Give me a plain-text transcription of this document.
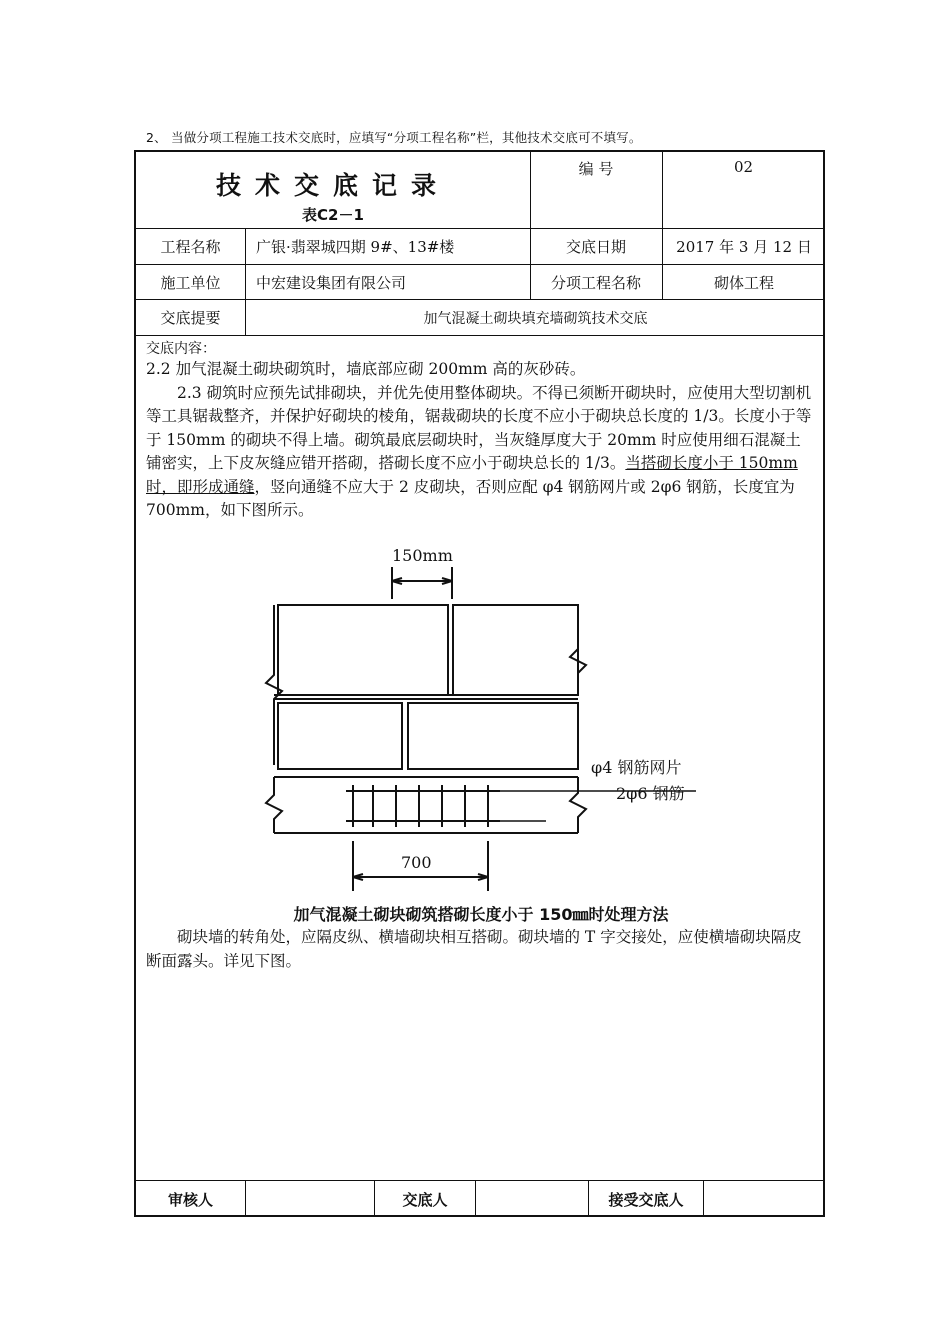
2、 当做分项工程施工技术交底时，应填写“分项工程名称”栏，其他技术交底可不填写。
技术交底记录
表C2－1
编 号	02
工程名称	广银·翡翠城四期 9#、13#楼	交底日期	2017 年 3 月 12 日
施工单位	中宏建设集团有限公司	分项工程名称	砌体工程
交底提要	加气混凝土砌块填充墙砌筑技术交底

交底内容：

2.2 加气混凝土砌块砌筑时，墙底部应砌 200mm 高的灰砂砖。

2.3 砌筑时应预先试排砌块，并优先使用整体砌块。不得已须断开砌块时，应使用大型切割机等工具锯裁整齐，并保护好砌块的棱角，锯裁砌块的长度不应小于砌块总长度的 1/3。长度小于等于 150mm 的砌块不得上墙。砌筑最底层砌块时，当灰缝厚度大于 20mm 时应使用细石混凝土铺密实，上下皮灰缝应错开搭砌，搭砌长度不应小于砌块总长的 1/3。当搭砌长度小于 150mm 时，即形成通缝，竖向通缝不应大于 2 皮砌块，否则应配 φ4 钢筋网片或 2φ6 钢筋，长度宜为 700mm，如下图所示。

150mm
700
φ4 钢筋网片
2φ6 钢筋

加气混凝土砌块砌筑搭砌长度小于 150㎜时处理方法

砌块墙的转角处，应隔皮纵、横墙砌块相互搭砌。砌块墙的 T 字交接处，应使横墙砌块隔皮断面露头。详见下图。

审核人	交底人	接受交底人
